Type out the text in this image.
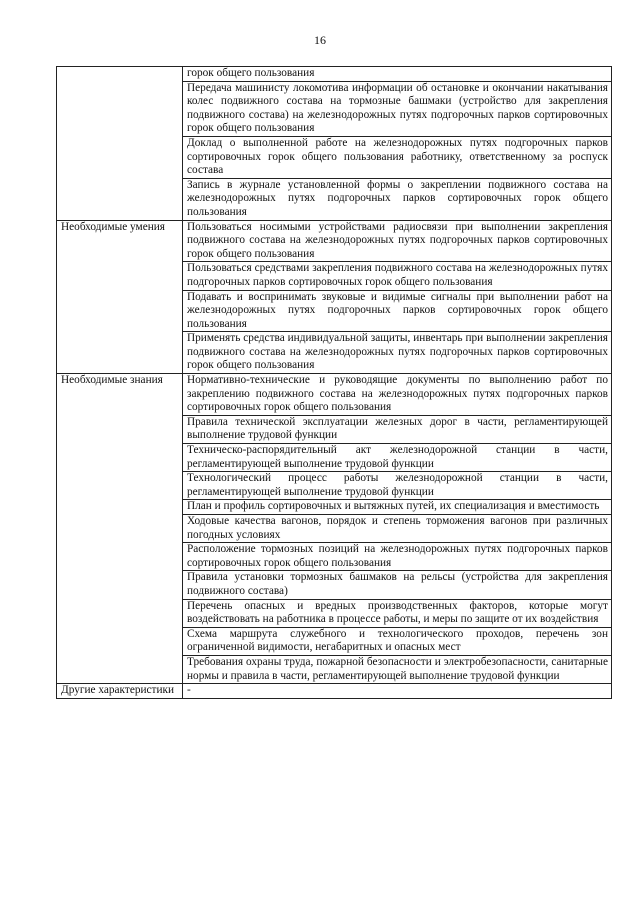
16
	горок общего пользования
	Передача машинисту локомотива информации об остановке и окончании накатывания колес подвижного состава на тормозные башмаки (устройство для закрепления подвижного состава) на железнодорожных путях подгорочных парков сортировочных горок общего пользования
	Доклад о выполненной работе на железнодорожных путях подгорочных парков сортировочных горок общего пользования работнику, ответственному за роспуск состава
	Запись в журнале установленной формы о закреплении подвижного состава на железнодорожных путях подгорочных парков сортировочных горок общего пользования
Необходимые умения	Пользоваться носимыми устройствами радиосвязи при выполнении закрепления подвижного состава на железнодорожных путях подгорочных парков сортировочных горок общего пользования
	Пользоваться средствами закрепления подвижного состава на железнодорожных путях подгорочных парков сортировочных горок общего пользования
	Подавать и воспринимать звуковые и видимые сигналы при выполнении работ на железнодорожных путях подгорочных парков сортировочных горок общего пользования
	Применять средства индивидуальной защиты, инвентарь при выполнении закрепления подвижного состава на железнодорожных путях подгорочных парков сортировочных горок общего пользования
Необходимые знания	Нормативно-технические и руководящие документы по выполнению работ по закреплению подвижного состава на железнодорожных путях подгорочных парков сортировочных горок общего пользования
	Правила технической эксплуатации железных дорог в части, регламентирующей выполнение трудовой функции
	Техническо-распорядительный акт железнодорожной станции в части, регламентирующей выполнение трудовой функции
	Технологический процесс работы железнодорожной станции в части, регламентирующей выполнение трудовой функции
	План и профиль сортировочных и вытяжных путей, их специализация и вместимость
	Ходовые качества вагонов, порядок и степень торможения вагонов при различных погодных условиях
	Расположение тормозных позиций на железнодорожных путях подгорочных парков сортировочных горок общего пользования
	Правила установки тормозных башмаков на рельсы (устройства для закрепления подвижного состава)
	Перечень опасных и вредных производственных факторов, которые могут воздействовать на работника в процессе работы, и меры по защите от их воздействия
	Схема маршрута служебного и технологического проходов, перечень зон ограниченной видимости, негабаритных и опасных мест
	Требования охраны труда, пожарной безопасности и электробезопасности, санитарные нормы и правила в части, регламентирующей выполнение трудовой функции
Другие характеристики	-
